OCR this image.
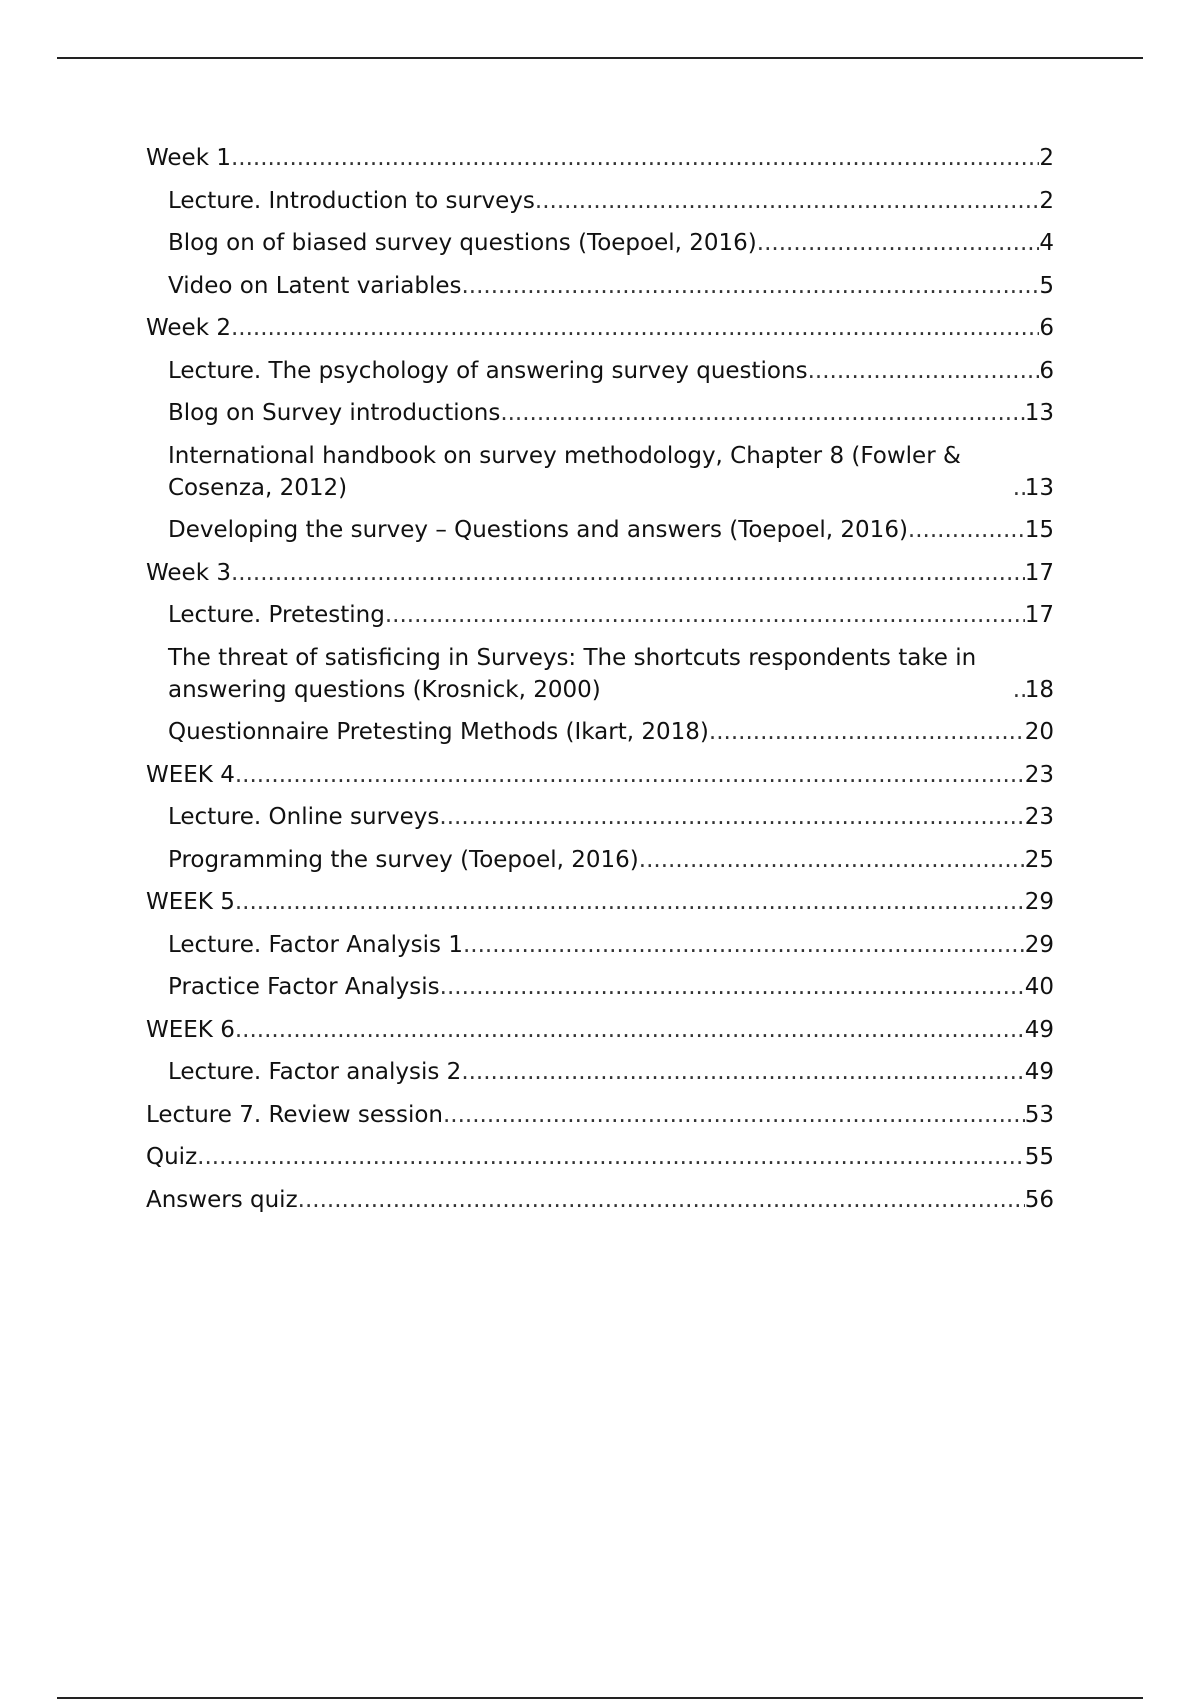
Week 1 .....	2
Lecture. Introduction to surveys .....	2
Blog on of biased survey questions (Toepoel, 2016) .....	4
Video on Latent variables .....	5
Week 2 .....	6
Lecture. The psychology of answering survey questions .....	6
Blog on Survey introductions .....	13
International handbook on survey methodology, Chapter 8 (Fowler & Cosenza, 2012) .....	13
Developing the survey – Questions and answers (Toepoel, 2016) .....	15
Week 3 .....	17
Lecture. Pretesting .....	17
The threat of satisficing in Surveys: The shortcuts respondents take in answering questions (Krosnick, 2000) .....	18
Questionnaire Pretesting Methods (Ikart, 2018) .....	20
WEEK 4 .....	23
Lecture. Online surveys .....	23
Programming the survey (Toepoel, 2016) .....	25
WEEK 5 .....	29
Lecture. Factor Analysis 1 .....	29
Practice Factor Analysis .....	40
WEEK 6 .....	49
Lecture. Factor analysis 2 .....	49
Lecture 7. Review session .....	53
Quiz .....	55
Answers quiz .....	56
